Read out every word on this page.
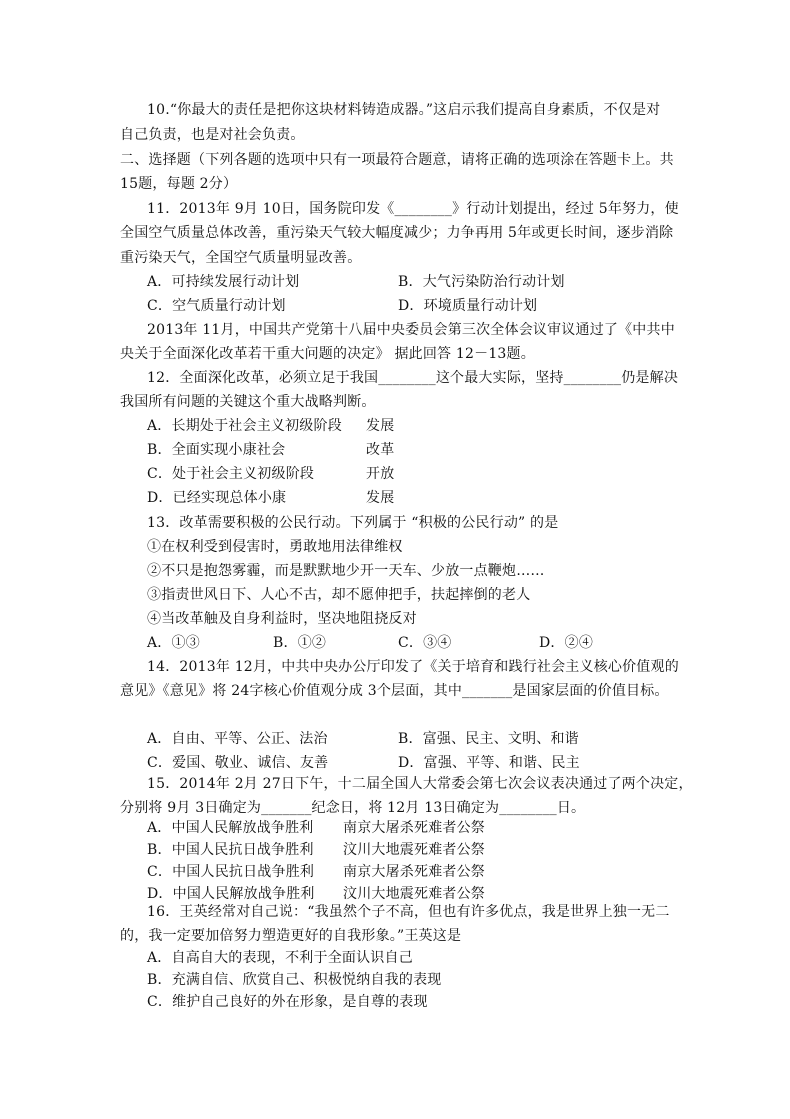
10.“你最大的责任是把你这块材料铸造成器。”这启示我们提高自身素质，不仅是对
自己负责，也是对社会负责。
二、选择题（下列各题的选项中只有一项最符合题意，请将正确的选项涂在答题卡上。共
15题，每题 2分）
11．2013年 9月 10日，国务院印发《________》行动计划提出，经过 5年努力，使
全国空气质量总体改善，重污染天气较大幅度减少；力争再用 5年或更长时间，逐步消除
重污染天气，全国空气质量明显改善。
2013年 11月，中国共产党第十八届中央委员会第三次全体会议审议通过了《中共中
央关于全面深化改革若干重大问题的决定》 据此回答 12－13题。
12．全面深化改革，必须立足于我国________这个最大实际，坚持________仍是解决
我国所有问题的关键这个重大战略判断。
13．改革需要积极的公民行动。下列属于 “积极的公民行动” 的是
①在权利受到侵害时，勇敢地用法律维权
②不只是抱怨雾霾，而是默默地少开一天车、少放一点鞭炮……
③指责世风日下、人心不古，却不愿伸把手，扶起摔倒的老人
④当改革触及自身利益时，坚决地阻挠反对
14．2013年 12月，中共中央办公厅印发了《关于培育和践行社会主义核心价值观的
意见》《意见》将 24字核心价值观分成 3个层面，其中_______是国家层面的价值目标。
15．2014年 2月 27日下午，十二届全国人大常委会第七次会议表决通过了两个决定，
分别将 9月 3日确定为_______纪念日，将 12月 13日确定为________日。
16．王英经常对自己说：“我虽然个子不高，但也有许多优点，我是世界上独一无二
的，我一定要加倍努力塑造更好的自我形象。”王英这是
A．自高自大的表现，不利于全面认识自己
B．充满自信、欣赏自己、积极悦纳自我的表现
C．维护自己良好的外在形象，是自尊的表现
A．可持续发展行动计划	B．大气污染防治行动计划
C．空气质量行动计划	D．环境质量行动计划
A．①③	B．①②	C．③④	D．②④
A．自由、平等、公正、法治	B．富强、民主、文明、和谐
C．爱国、敬业、诚信、友善	D．富强、平等、和谐、民主
A．长期处于社会主义初级阶段 发展
B．全面实现小康社会	改革
C．处于社会主义初级阶段	开放
D．已经实现总体小康	发展
A．中国人民解放战争胜利 南京大屠杀死难者公祭
B．中国人民抗日战争胜利 汶川大地震死难者公祭
C．中国人民抗日战争胜利 南京大屠杀死难者公祭
D．中国人民解放战争胜利 汶川大地震死难者公祭
